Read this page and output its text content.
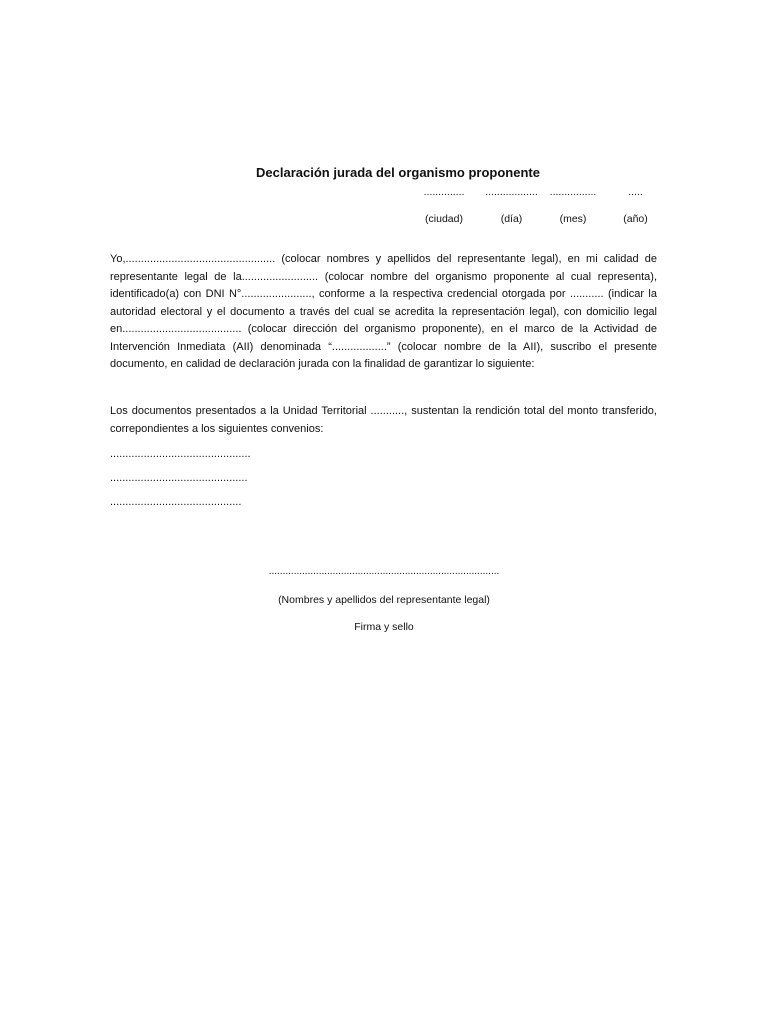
Declaración jurada del organismo proponente
..............	..................	................	.....
(ciudad)	(día)	(mes)	(año)

Yo,................................................. (colocar nombres y apellidos del representante legal), en mi calidad de representante legal de la......................... (colocar nombre del organismo proponente al cual representa), identificado(a) con DNI N°......................., conforme a la respectiva credencial otorgada por ........... (indicar la autoridad electoral y el documento a través del cual se acredita la representación legal), con domicilio legal en....................................... (colocar dirección del organismo proponente), en el marco de la Actividad de Intervención Inmediata (AII) denominada “..................” (colocar nombre de la AII), suscribo el presente documento, en calidad de declaración jurada con la finalidad de garantizar lo siguiente:

Los documentos presentados a la Unidad Territorial ..........., sustentan la rendición total del monto transferido, correpondientes a los siguientes convenios:

..............................................
.............................................
...........................................
...................................................................................
(Nombres y apellidos del representante legal)
Firma y sello
